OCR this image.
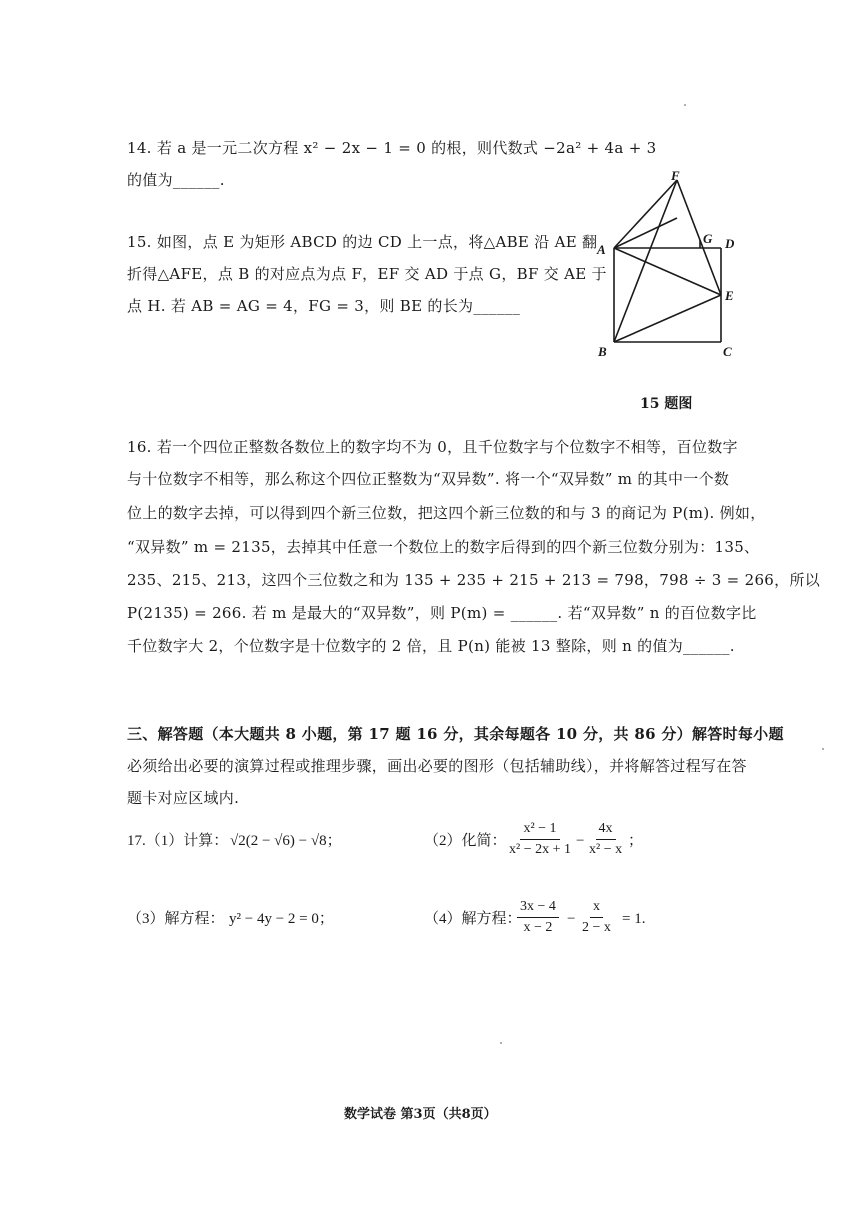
14. 若 a 是一元二次方程 x² − 2x − 1 = 0 的根，则代数式 −2a² + 4a + 3
的值为______.
15. 如图，点 E 为矩形 ABCD 的边 CD 上一点，将△ABE 沿 AE 翻
折得△AFE，点 B 的对应点为点 F，EF 交 AD 于点 G，BF 交 AE 于
点 H. 若 AB = AG = 4，FG = 3，则 BE 的长为______
F
A
G D
E
B	C
15 题图
16. 若一个四位正整数各数位上的数字均不为 0，且千位数字与个位数字不相等，百位数字
与十位数字不相等，那么称这个四位正整数为“双异数”. 将一个“双异数” m 的其中一个数
位上的数字去掉，可以得到四个新三位数，把这四个新三位数的和与 3 的商记为 P(m). 例如，
“双异数” m = 2135，去掉其中任意一个数位上的数字后得到的四个新三位数分别为：135、
235、215、213，这四个三位数之和为 135 + 235 + 215 + 213 = 798，798 ÷ 3 = 266，所以
P(2135) = 266. 若 m 是最大的“双异数”，则 P(m) = ______. 若“双异数” n 的百位数字比
千位数字大 2，个位数字是十位数字的 2 倍，且 P(n) 能被 13 整除，则 n 的值为______.
三、解答题（本大题共 8 小题，第 17 题 16 分，其余每题各 10 分，共 86 分）解答时每小题
必须给出必要的演算过程或推理步骤，画出必要的图形（包括辅助线），并将解答过程写在答
题卡对应区域内.
17.（1）计算： √2(2 − √6) − √8；	（2）化简： $\frac{\text{x² − 1}}{\text{x² − 2x + 1}} - \frac{4x}{\text{x² − x}}$ ；
（3）解方程： y² − 4y − 2 = 0；	（4）解方程：
$\frac{3x - 4}{x - 2} - \frac{x}{2 - x} = 1$.
数学试卷 第3页（共8页）
